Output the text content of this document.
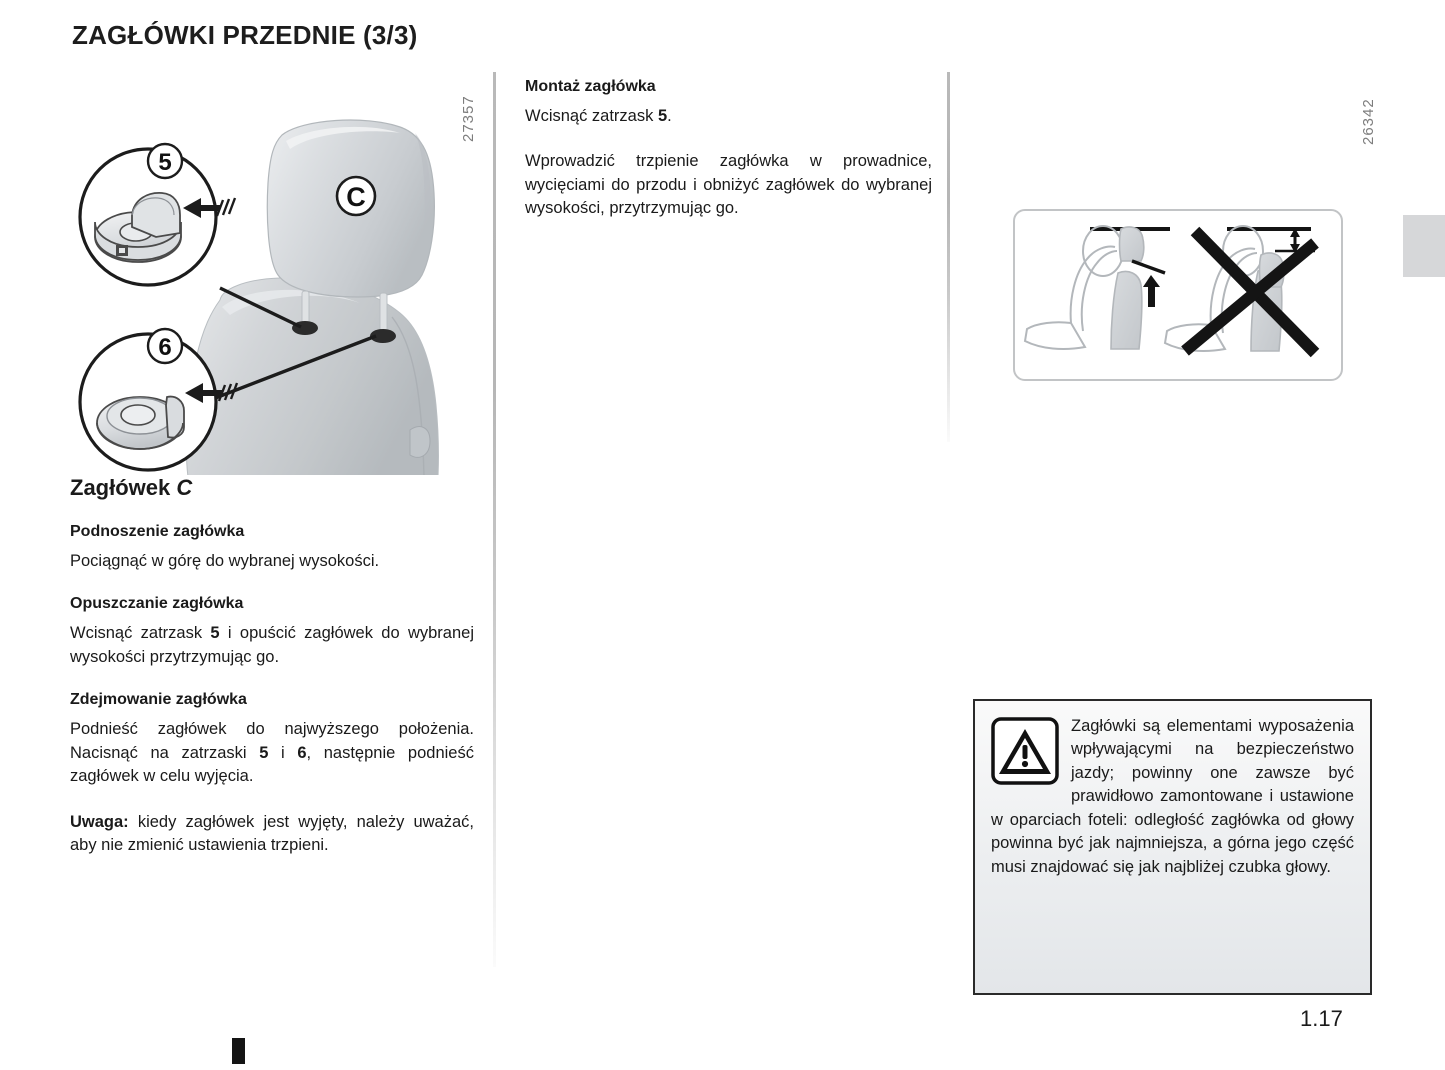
ZAGŁÓWKI PRZEDNIE (3/3)
27357	26342
C
5
6
Zagłówek C
Podnoszenie zagłówka

Pociągnąć w górę do wybranej wysokości.

Opuszczanie zagłówka

Wcisnąć zatrzask 5 i opuścić zagłówek do wybranej wysokości przytrzymując go.

Zdejmowanie zagłówka

Podnieść zagłówek do najwyższego położenia. Nacisnąć na zatrzaski 5 i 6, następnie podnieść zagłówek w celu wyjęcia.

Uwaga: kiedy zagłówek jest wyjęty, należy uważać, aby nie zmienić ustawienia trzpieni.

Montaż zagłówka

Wcisnąć zatrzask 5.

Wprowadzić trzpienie zagłówka w prowadnice, wycięciami do przodu i obniżyć zagłówek do wybranej wysokości, przytrzymując go.

Zagłówki są elementami wyposażenia wpływającymi na bezpieczeństwo jazdy; powinny one zawsze być prawidłowo zamontowane i ustawione w oparciach foteli: odległość zagłówka od głowy powinna być jak najmniejsza, a górna jego część musi znajdować się jak najbliżej czubka głowy.

1.17
